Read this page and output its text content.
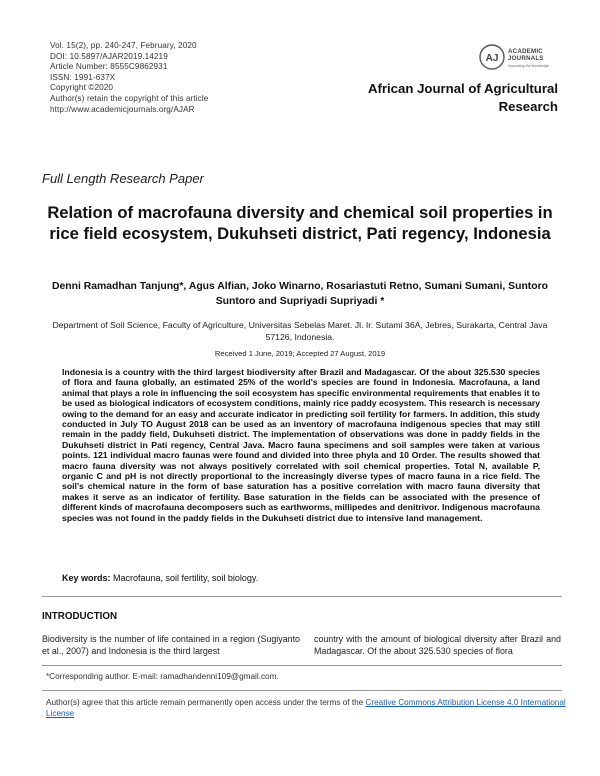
Vol. 15(2), pp. 240-247, February, 2020
DOI: 10.5897/AJAR2019.14219
Article Number: 8555C9862931
ISSN: 1991-637X
Copyright ©2020
Author(s) retain the copyright of this article
http://www.academicjournals.org/AJAR
AJ
ACADEMIC
JOURNALS
expanding the knowledge
African Journal of Agricultural
Research
Full Length Research Paper
Relation of macrofauna diversity and chemical soil properties in rice field ecosystem, Dukuhseti district, Pati regency, Indonesia
Denni Ramadhan Tanjung*, Agus Alfian, Joko Winarno, Rosariastuti Retno, Sumani Sumani, Suntoro Suntoro and Supriyadi Supriyadi *
Department of Soil Science, Faculty of Agriculture, Universitas Sebelas Maret. Jl. Ir. Sutami 36A, Jebres, Surakarta, Central Java 57126, Indonesia.
Received 1 June, 2019; Accepted 27 August, 2019
Indonesia is a country with the third largest biodiversity after Brazil and Madagascar. Of the about 325.530 species of flora and fauna globally, an estimated 25% of the world's species are found in Indonesia. Macrofauna, a land animal that plays a role in influencing the soil ecosystem has specific environmental requirements that enables it to be used as biological indicators of ecosystem conditions, mainly rice paddy ecosystem. This research is necessary owing to the demand for an easy and accurate indicator in predicting soil fertility for farmers. In addition, this study conducted in July TO August 2018 can be used as an inventory of macrofauna indigenous species that may still remain in the paddy field, Dukuhseti district. The implementation of observations was done in paddy fields in the Dukuhseti district in Pati regency, Central Java. Macro fauna specimens and soil samples were taken at various points. 121 individual macro faunas were found and divided into three phyla and 10 Order. The results showed that macro fauna diversity was not always positively correlated with soil chemical properties. Total N, available P, organic C and pH is not directly proportional to the increasingly diverse types of macro fauna in a rice field. The soil's chemical nature in the form of base saturation has a positive correlation with macro fauna diversity that makes it serve as an indicator of fertility. Base saturation in the fields can be associated with the presence of different kinds of macrofauna decomposers such as earthworms, millipedes and denitrivor. Indigenous macrofauna species was not found in the paddy fields in the Dukuhseti district due to intensive land management.
Key words: Macrofauna, soil fertility, soil biology.
INTRODUCTION
Biodiversity is the number of life contained in a region (Sugiyanto et al., 2007) and Indonesia is the third largest
country with the amount of biological diversity after Brazil and Madagascar. Of the about 325.530 species of flora
*Corresponding author. E-mail: ramadhandenni109@gmail.com.
Author(s) agree that this article remain permanently open access under the terms of the Creative Commons Attribution License 4.0 International License
